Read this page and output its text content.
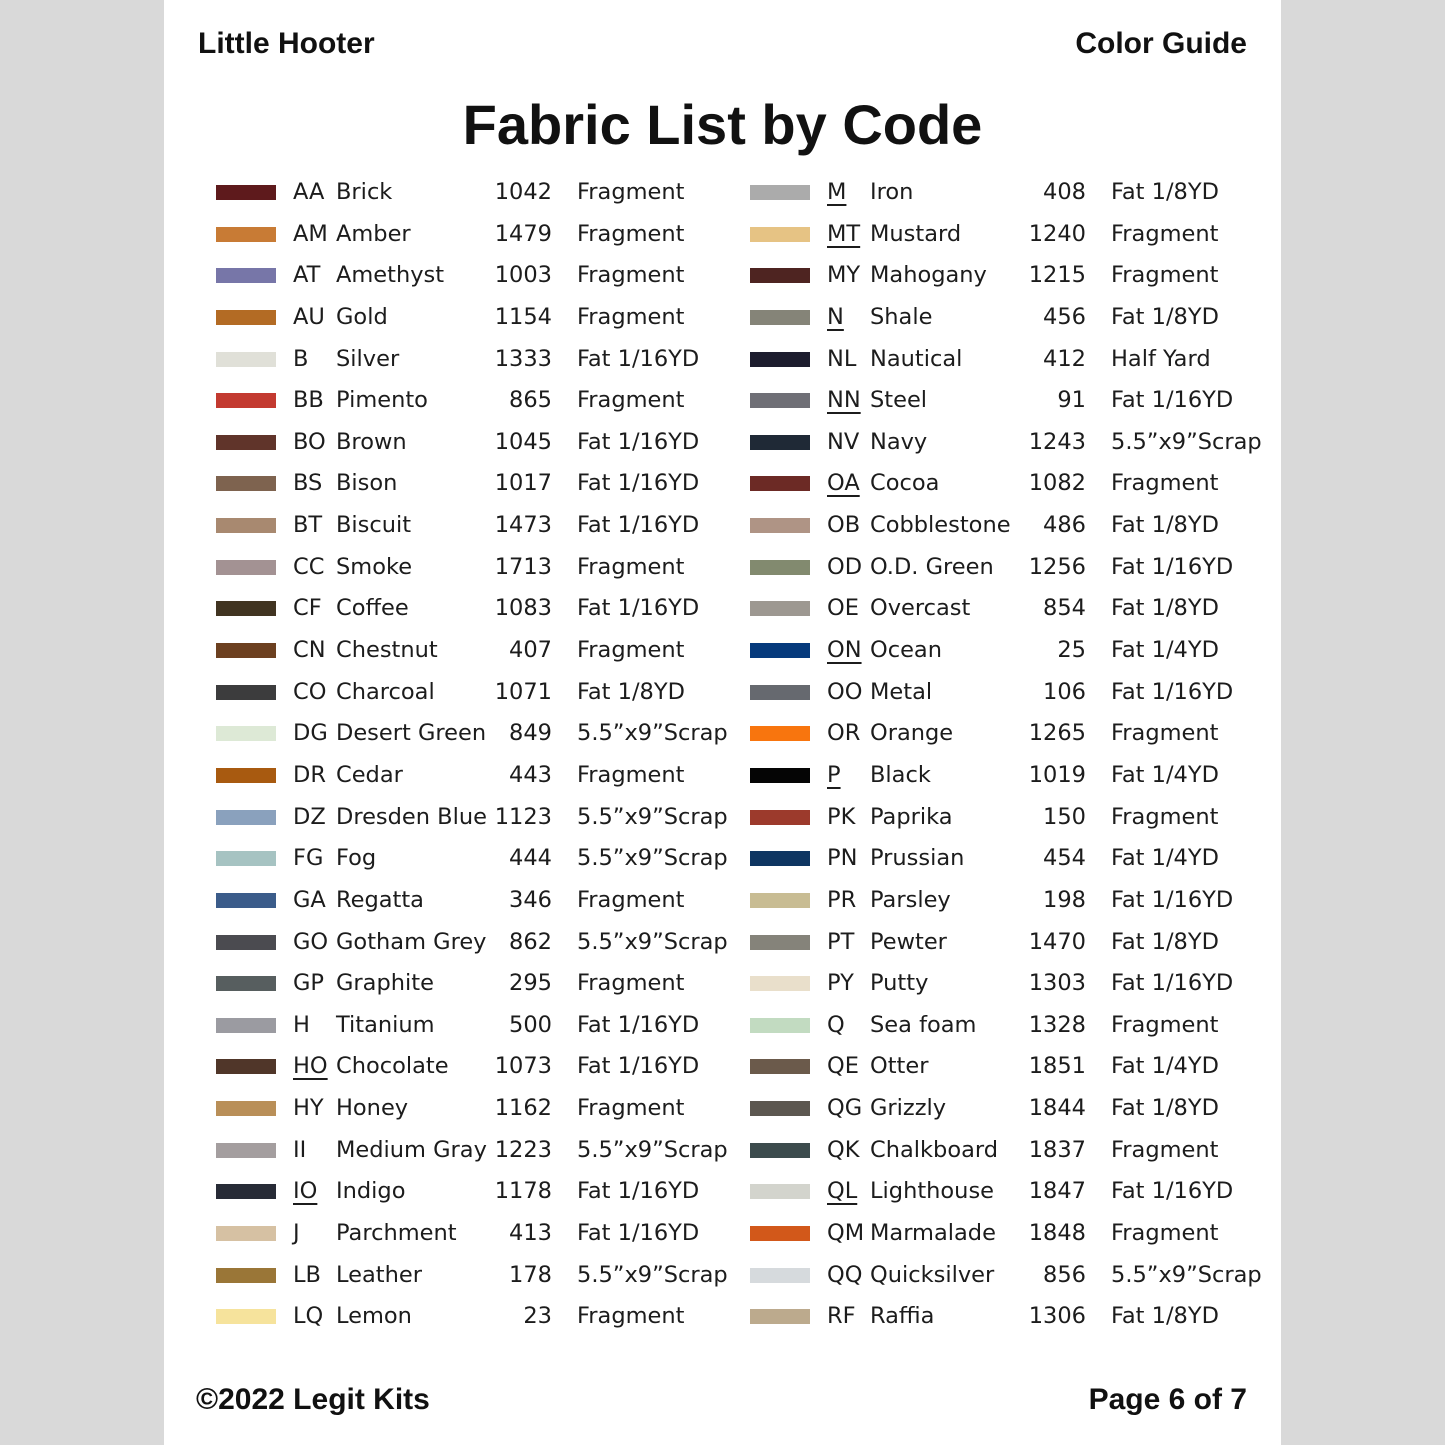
Little Hooter	Color Guide
Fabric List by Code
AA Brick	1042 Fragment
AM Amber	1479 Fragment
AT Amethyst	1003 Fragment
AU Gold	1154 Fragment
B Silver	1333 Fat 1/16YD
BB Pimento	865 Fragment
BO Brown	1045 Fat 1/16YD
BS Bison	1017 Fat 1/16YD
BT Biscuit	1473 Fat 1/16YD
CC Smoke	1713 Fragment
CF Coffee	1083 Fat 1/16YD
CN Chestnut	407 Fragment
CO Charcoal	1071 Fat 1/8YD
DG Desert Green	849 5.5”x9”Scrap
DR Cedar	443 Fragment
DZ Dresden Blue 1123 5.5”x9”Scrap
FG Fog	444 5.5”x9”Scrap
GA Regatta	346 Fragment
GO Gotham Grey	862 5.5”x9”Scrap
GP Graphite	295 Fragment
H Titanium	500 Fat 1/16YD
HO Chocolate	1073 Fat 1/16YD
HY Honey	1162 Fragment
II Medium Gray 1223 5.5”x9”Scrap
IO Indigo	1178 Fat 1/16YD
J Parchment	413 Fat 1/16YD
LB Leather	178 5.5”x9”Scrap
LQ Lemon	23 Fragment
M Iron	408 Fat 1/8YD
MT Mustard	1240 Fragment
MY Mahogany	1215 Fragment
N Shale	456 Fat 1/8YD
NL Nautical	412 Half Yard
NN Steel	91 Fat 1/16YD
NV Navy	1243 5.5”x9”Scrap
OA Cocoa	1082 Fragment
OB Cobblestone	486 Fat 1/8YD
OD O.D. Green	1256 Fat 1/16YD
OE Overcast	854 Fat 1/8YD
ON Ocean	25 Fat 1/4YD
OO Metal	106 Fat 1/16YD
OR Orange	1265 Fragment
P Black	1019 Fat 1/4YD
PK Paprika	150 Fragment
PN Prussian	454 Fat 1/4YD
PR Parsley	198 Fat 1/16YD
PT Pewter	1470 Fat 1/8YD
PY Putty	1303 Fat 1/16YD
Q Sea foam	1328 Fragment
QE Otter	1851 Fat 1/4YD
QG Grizzly	1844 Fat 1/8YD
QK Chalkboard	1837 Fragment
QL Lighthouse	1847 Fat 1/16YD
QM Marmalade	1848 Fragment
QQ Quicksilver	856 5.5”x9”Scrap
RF Raffia	1306 Fat 1/8YD
©2022 Legit Kits	Page 6 of 7
